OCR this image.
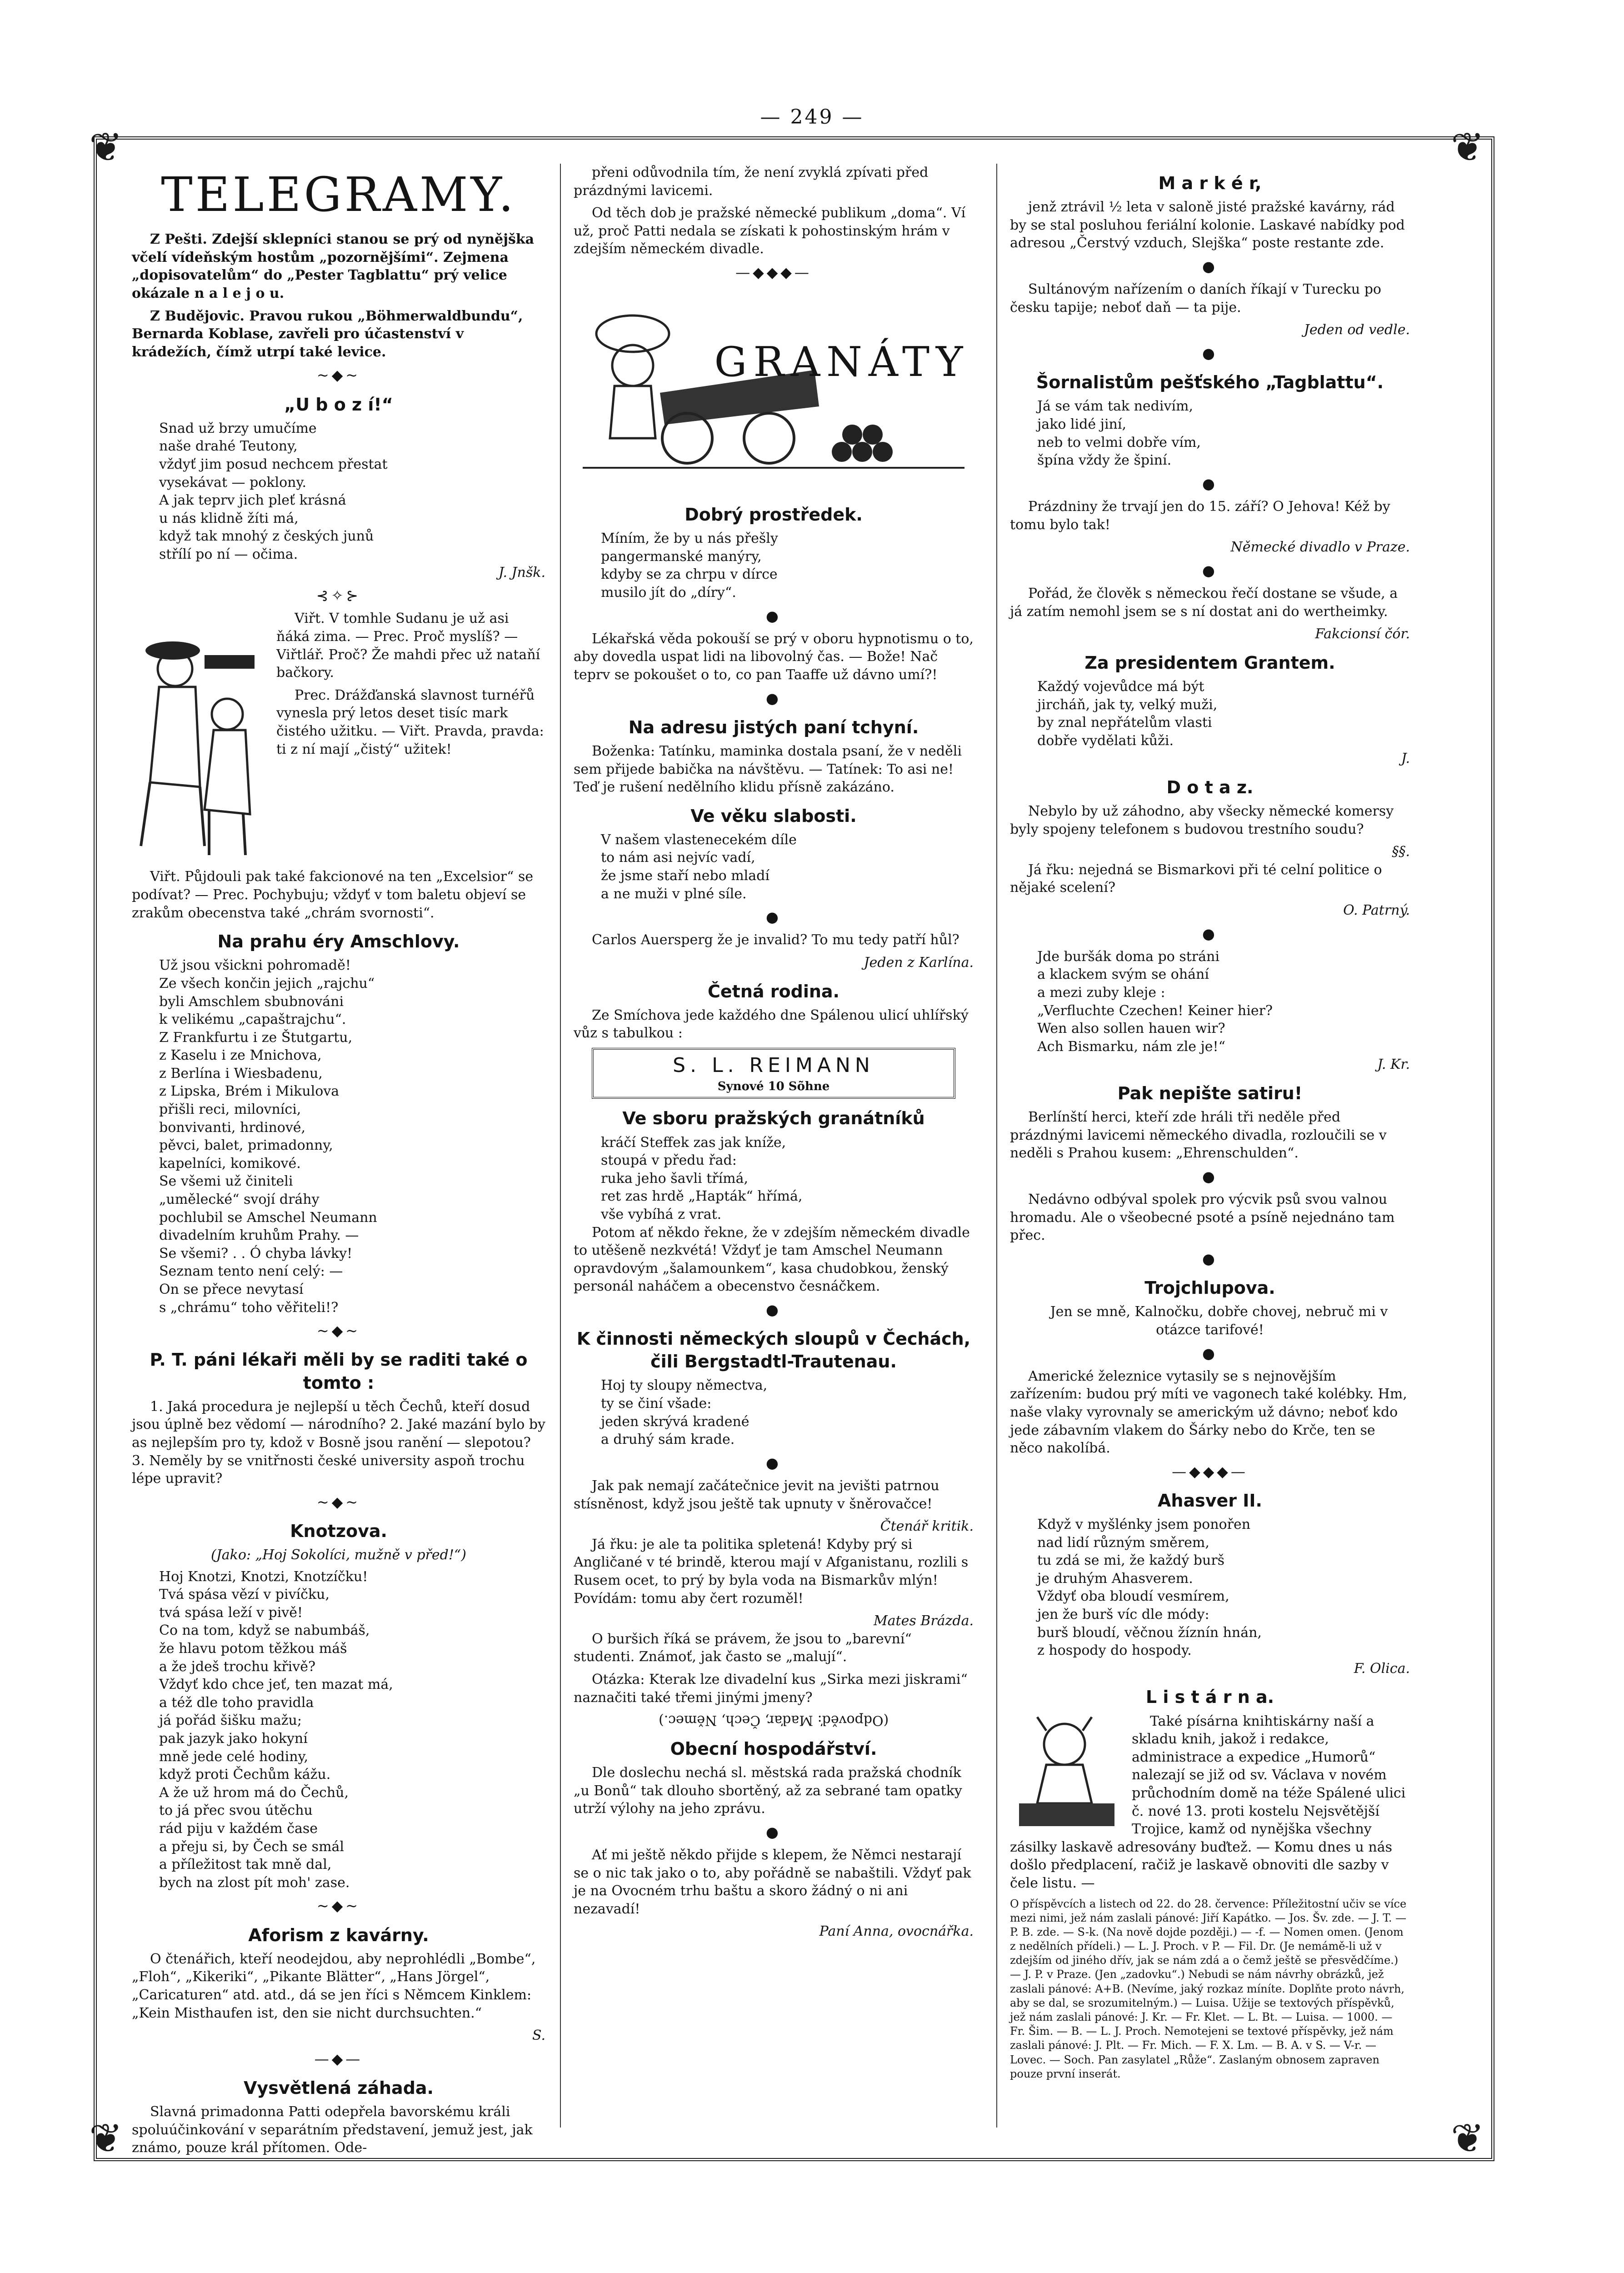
— 249 —
❦	❦
❦	❦
TELEGRAMY.

Z Pešti. Zdejší sklepníci stanou se prý od nynějška včelí vídeňským hostům „pozornějšími“. Zejmena „dopisovatelům“ do „Pester Tagblattu“ prý velice okázale n a l e j o u.

Z Budějovic. Pravou rukou „Böhmerwaldbundu“, Bernarda Koblase, zavřeli pro účastenství v krádežích, čímž utrpí také levice.

~◆~
„U b o z í!“
Snad už brzy umučíme
naše drahé Teutony,
vždyť jim posud nechcem přestat
vysekávat — poklony.
A jak teprv jich pleť krásná
u nás klidně žíti má,
když tak mnohý z českých junů
střílí po ní — očima.
J. Jnšk.
⊰✧⊱

Viřt. V tomhle Sudanu je už asi ňáká zima. — Prec. Proč myslíš? — Viřtlář. Proč? Že mahdi přec už nataňí bačkory.

Prec. Drážďanská slavnost turnéřů vynesla prý letos deset tisíc mark čistého užitku. — Viřt. Pravda, pravda: ti z ní mají „čistý“ užitek!

Viřt. Půjdouli pak také fakcionové na ten „Excelsior“ se podívat? — Prec. Pochybuju; vždyť v tom baletu objeví se zrakům obecenstva také „chrám svornosti“.

Na prahu éry Amschlovy.
Už jsou všickni pohromadě!
Ze všech končin jejich „rajchu“
byli Amschlem sbubnováni
k velikému „capaštrajchu“.
Z Frankfurtu i ze Štutgartu,
z Kaselu i ze Mnichova,
z Berlína i Wiesbadenu,
z Lipska, Brém i Mikulova
přišli reci, milovníci,
bonvivanti, hrdinové,
pěvci, balet, primadonny,
kapelníci, komikové.
Se všemi už činiteli
„umělecké“ svojí dráhy
pochlubil se Amschel Neumann
divadelním kruhům Prahy. —
Se všemi? . . Ó chyba lávky!
Seznam tento není celý: —
On se přece nevytasí
s „chrámu“ toho věřiteli!?
~◆~
P. T. páni lékaři měli by se raditi také o tomto :

1. Jaká procedura je nejlepší u těch Čechů, kteří dosud jsou úplně bez vědomí — národního? 2. Jaké mazání bylo by as nejlepším pro ty, kdož v Bosně jsou ranění — slepotou? 3. Neměly by se vnitřnosti české university aspoň trochu lépe upravit?

~◆~
Knotzova.
(Jako: „Hoj Sokolíci, mužně v před!“)
Hoj Knotzi, Knotzi, Knotzíčku!
Tvá spása vězí v pivíčku,
tvá spása leží v pivě!
Co na tom, když se nabumbáš,
že hlavu potom těžkou máš
a že jdeš trochu křivě?
Vždyť kdo chce jeť, ten mazat má,
a též dle toho pravidla
já pořád šišku mažu;
pak jazyk jako hokyní
mně jede celé hodiny,
když proti Čechům kážu.
A že už hrom má do Čechů,
to já přec svou útěchu
rád piju v každém čase
a přeju si, by Čech se smál
a příležitost tak mně dal,
bych na zlost pít moh' zase.
~◆~
Aforism z kavárny.

O čtenářich, kteří neodejdou, aby neprohlédli „Bombe“, „Floh“, „Kikeriki“, „Pikante Blätter“, „Hans Jörgel“, „Caricaturen“ atd. atd., dá se jen říci s Němcem Kinklem: „Kein Misthaufen ist, den sie nicht durchsuchten.“

S.
—◆—
Vysvětlená záhada.

Slavná primadonna Patti odepřela bavorskému králi spoluúčinkování v separátním představení, jemuž jest, jak známo, pouze král přítomen. Ode-

přeni odůvodnila tím, že není zvyklá zpívati před prázdnými lavicemi.

Od těch dob je pražské německé publikum „doma“. Ví už, proč Patti nedala se získati k pohostinským hrám v zdejším německém divadle.

—◆◆◆—
GRANÁTY
Dobrý prostředek.
Míním, že by u nás přešly
pangermanské manýry,
kdyby se za chrpu v dírce
musilo jít do „díry“.
●

Lékařská věda pokouší se prý v oboru hypnotismu o to, aby dovedla uspat lidi na libovolný čas. — Bože! Nač teprv se pokoušet o to, co pan Taaffe už dávno umí?!

●
Na adresu jistých paní tchyní.

Boženka: Tatínku, maminka dostala psaní, že v neděli sem přijede babička na návštěvu. — Tatínek: To asi ne! Teď je rušení nedělního klidu přísně zakázáno.

Ve věku slabosti.
V našem vlastenecekém díle
to nám asi nejvíc vadí,
že jsme staří nebo mladí
a ne muži v plné síle.
●

Carlos Auersperg že je invalid? To mu tedy patří hůl?

Jeden z Karlína.
Četná rodina.

Ze Smíchova jede každého dne Spálenou ulicí uhlířský vůz s tabulkou :

S. L. REIMANN
Synové 10 Sõhne
Ve sboru pražských granátníků
kráčí Steffek zas jak kníže,
stoupá v předu řad:
ruka jeho šavli třímá,
ret zas hrdě „Hapták“ hřímá,
vše vybíhá z vrat.

Potom ať někdo řekne, že v zdejším německém divadle to utěšeně nezkvétá! Vždyť je tam Amschel Neumann opravdovým „šalamounkem“, kasa chudobkou, ženský personál naháčem a obecenstvo česnáčkem.

●
K činnosti německých sloupů v Čechách, čili Bergstadtl-Trautenau.
Hoj ty sloupy němectva,
ty se činí všade:
jeden skrývá kradené
a druhý sám krade.
●

Jak pak nemají začátečnice jevit na jevišti patrnou stísněnost, když jsou ještě tak upnuty v šněrovačce!

Čtenář kritik.

Já řku: je ale ta politika spletená! Kdyby prý si Angličané v té brindě, kterou mají v Afganistanu, rozlili s Rusem ocet, to prý by byla voda na Bismarkův mlýn! Povídám: tomu aby čert rozuměl!

Mates Brázda.

O buršich říká se právem, že jsou to „barevní“ studenti. Známoť, jak často se „malují“.

Otázka: Kterak lze divadelní kus „Sirka mezi jiskrami“ naznačiti také třemi jinými jmeny?

(Odpověď: Maďar, Čech, Němec.)
Obecní hospodářství.

Dle doslechu nechá sl. městská rada pražská chodník „u Bonů“ tak dlouho sbortěný, až za sebrané tam opatky utrží výlohy na jeho zprávu.

●

Ať mi ještě někdo přijde s klepem, že Němci nestarají se o nic tak jako o to, aby pořádně se nabaštili. Vždyť pak je na Ovocném trhu baštu a skoro žádný o ni ani nezavadí!

Paní Anna, ovocnářka.
M a r k é r,

jenž ztrávil ½ leta v saloně jisté pražské kavárny, rád by se stal posluhou feriální kolonie. Laskavé nabídky pod adresou „Čerstvý vzduch, Slejška“ poste restante zde.

●

Sultánovým nařízením o daních říkají v Turecku po česku tapije; neboť daň — ta pije.

Jeden od vedle.
●
Šornalistům pešťského „Tagblattu“.
Já se vám tak nedivím,
jako lidé jiní,
neb to velmi dobře vím,
špína vždy že špiní.
●

Prázdniny že trvají jen do 15. září? O Jehova! Kéž by tomu bylo tak!

Německé divadlo v Praze.
●

Pořád, že člověk s německou řečí dostane se všude, a já zatím nemohl jsem se s ní dostat ani do wertheimky.

Fakcionsí čór.
Za presidentem Grantem.
Každý vojevůdce má být
jircháň, jak ty, velký muži,
by znal nepřátelům vlasti
dobře vydělati kůži.
J.
D o t a z.

Nebylo by už záhodno, aby všecky německé komersy byly spojeny telefonem s budovou trestního soudu?

§§.

Já řku: nejedná se Bismarkovi při té celní politice o nějaké scelení?

O. Patrný.
●
Jde buršák doma po stráni
a klackem svým se ohání
a mezi zuby kleje :
„Verfluchte Czechen! Keiner hier?
Wen also sollen hauen wir?
Ach Bismarku, nám zle je!“
J. Kr.
Pak nepište satiru!

Berlínští herci, kteří zde hráli tři neděle před prázdnými lavicemi německého divadla, rozloučili se v neděli s Prahou kusem: „Ehrenschulden“.

●

Nedávno odbýval spolek pro výcvik psů svou valnou hromadu. Ale o všeobecné psoté a psíně nejednáno tam přec.

●
Trojchlupova.

Jen se mně, Kalnočku, dobře chovej, nebruč mi v otázce tarifové!

●

Americké železnice vytasily se s nejnovějším zařízením: budou prý míti ve vagonech také kolébky. Hm, naše vlaky vyrovnaly se americkým už dávno; neboť kdo jede zábavním vlakem do Šárky nebo do Krče, ten se něco nakolíbá.

—◆◆◆—
Ahasver II.
Když v myšlénky jsem ponořen
nad lidí různým směrem,
tu zdá se mi, že každý burš
je druhým Ahasverem.
Vždyť oba bloudí vesmírem,
jen že burš víc dle módy:
burš bloudí, věčnou žíznín hnán,
z hospody do hospody.
F. Olica.
L i s t á r n a.

Také písárna knihtiskárny naší a skladu knih, jakož i redakce, administrace a expedice „Humorů“ nalezají se již od sv. Václava v novém průchodním domě na téže Spálené ulici č. nové 13. proti kostelu Nejsvětější Trojice, kamž od nynějška všechny zásilky laskavě adresovány buďtež. — Komu dnes u nás došlo předplacení, račiž je laskavě obnoviti dle sazby v čele listu. —

O příspěvcích a listech od 22. do 28. července: Příležitostní učiv se více mezi nimi, jež nám zaslali pánové: Jiří Kapátko. — Jos. Šv. zde. — J. T. — P. B. zde. — S-k. (Na nově dojde později.) — -f. — Nomen omen. (Jenom z nedělních přídeli.) — L. J. Proch. v P. — Fil. Dr. (Je nemámě-li už v zdejším od jiného dřív, jak se nám zdá a o čemž ještě se přesvědčíme.) — J. P. v Praze. (Jen „zadovku“.) Nebudi se nám návrhy obrázků, jež zaslali pánové: A+B. (Nevíme, jaký rozkaz míníte. Doplňte proto návrh, aby se dal, se srozumitelným.) — Luisa. Užije se textových příspěvků, jež nám zaslali pánové: J. Kr. — Fr. Klet. — L. Bt. — Luisa. — 1000. — Fr. Šim. — B. — L. J. Proch. Nemotejeni se textové příspěvky, jež nám zaslali pánové: J. Plt. — Fr. Mich. — F. X. Lm. — B. A. v S. — V-r. — Lovec. — Soch. Pan zasylatel „Růže“. Zaslaným obnosem zapraven pouze první inserát.
